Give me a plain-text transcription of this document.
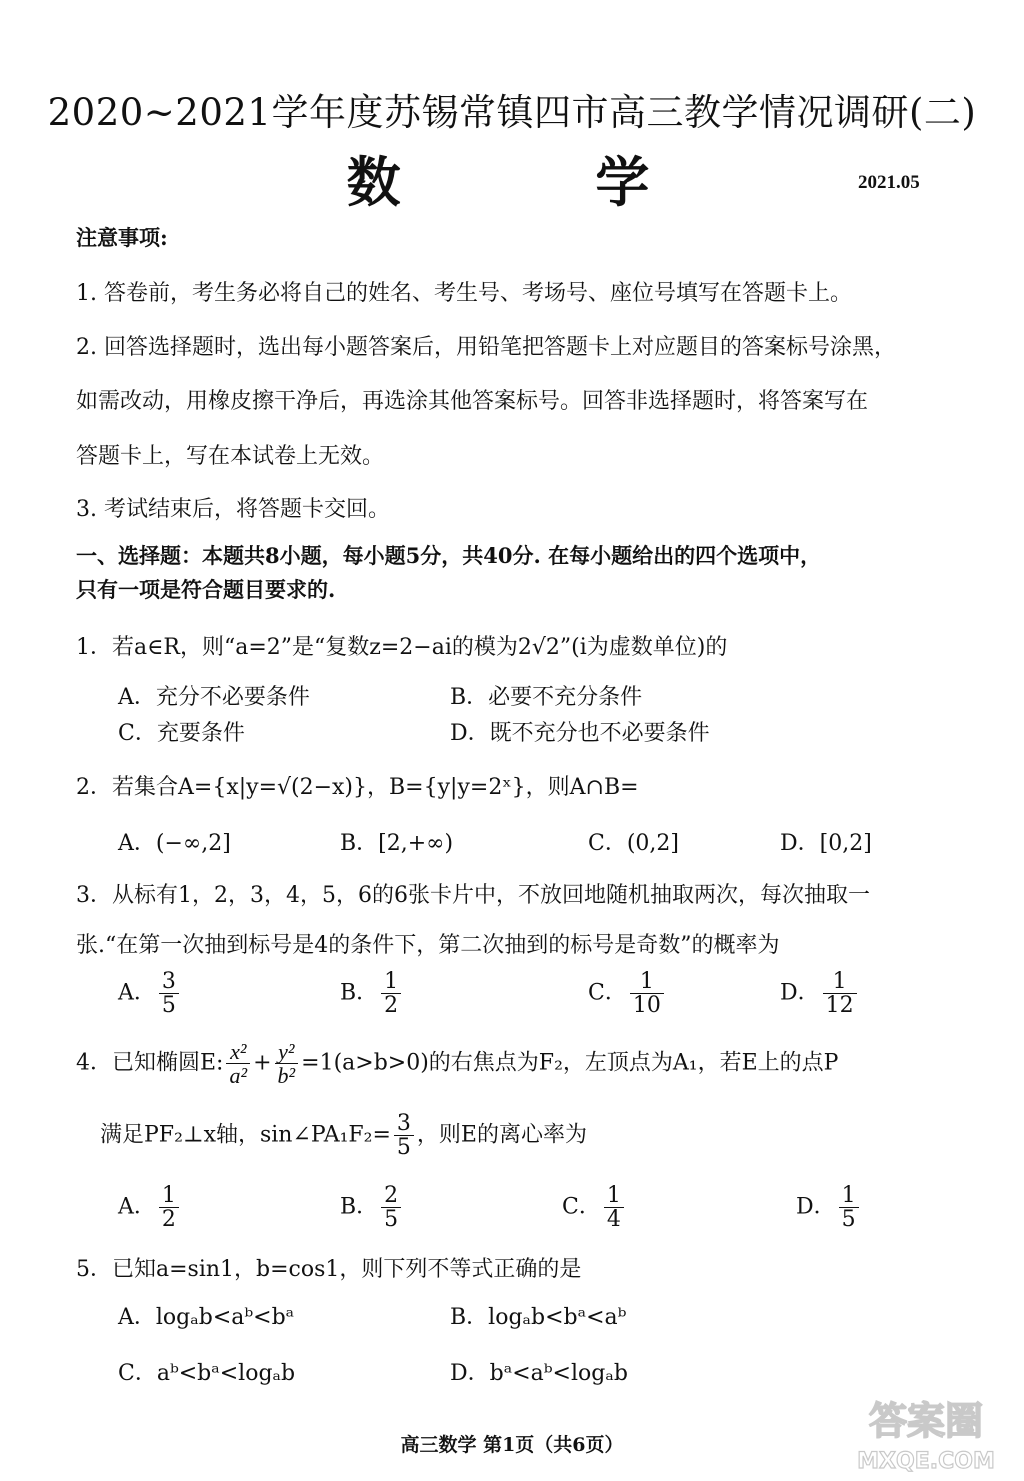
2020~2021学年度苏锡常镇四市高三教学情况调研(二)
数 学	2021.05
注意事项:
1. 答卷前，考生务必将自己的姓名、考生号、考场号、座位号填写在答题卡上。
2. 回答选择题时，选出每小题答案后，用铅笔把答题卡上对应题目的答案标号涂黑，
如需改动，用橡皮擦干净后，再选涂其他答案标号。回答非选择题时，将答案写在
答题卡上，写在本试卷上无效。
3. 考试结束后，将答题卡交回。
一、选择题：本题共8小题，每小题5分，共40分. 在每小题给出的四个选项中，
只有一项是符合题目要求的.
1．若a∈R，则“a=2”是“复数z=2−ai的模为2√2”(i为虚数单位)的
A．充分不必要条件	B．必要不充分条件
C．充要条件	D．既不充分也不必要条件
2．若集合A={x|y=√(2−x)}，B={y|y=2ˣ}，则A∩B=
A．(−∞,2]	B．[2,+∞)	C．(0,2]	D．[0,2]
3．从标有1，2，3，4，5，6的6张卡片中，不放回地随机抽取两次，每次抽取一
张.“在第一次抽到标号是4的条件下，第二次抽到的标号是奇数”的概率为
A． $\frac{3}{5}$	B． $\frac{1}{2}$	C． $\frac{1}{10}$	D． $\frac{1}{12}$
4．已知椭圆E: $\frac{\text{x²}}{\text{a²}} + \frac{\text{y²}}{\text{b²}} =1(a>b>0)$的右焦点为F₂，左顶点为A₁，若E上的点P
满足PF₂⊥x轴，sin∠PA₁F₂= $\frac{3}{5}$ ，则E的离心率为
A． $\frac{1}{2}$	B． $\frac{2}{5}$	C． $\frac{1}{4}$	D． $\frac{1}{5}$
5．已知a=sin1，b=cos1，则下列不等式正确的是
A．logₐb<aᵇ<bᵃ	B．logₐb<bᵃ<aᵇ
C．aᵇ<bᵃ<logₐb	D．bᵃ<aᵇ<logₐb
高三数学 第1页（共6页）
答案圈
MXQE.COM
